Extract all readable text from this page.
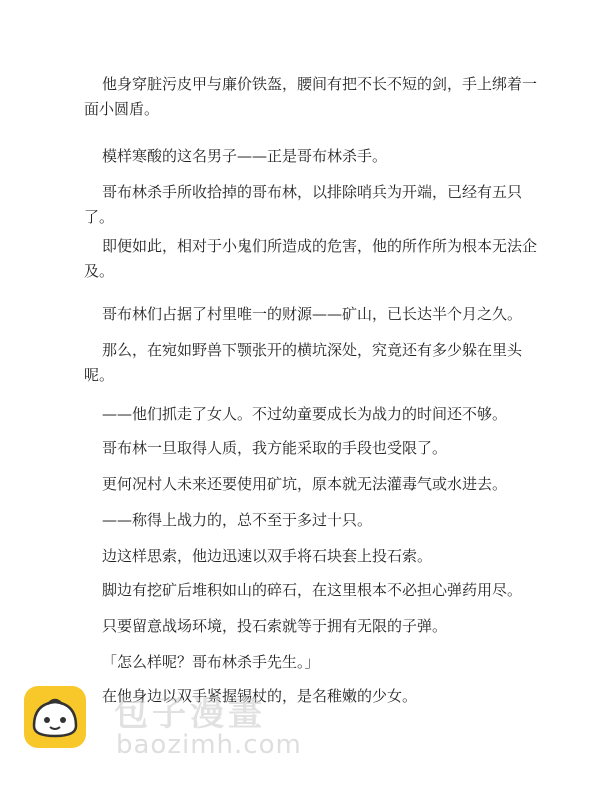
他身穿脏污皮甲与廉价铁盔，腰间有把不长不短的剑，手上绑着一面小圆盾。

模样寒酸的这名男子——正是哥布林杀手。

哥布林杀手所收拾掉的哥布林，以排除哨兵为开端，已经有五只了。

即便如此，相对于小鬼们所造成的危害，他的所作所为根本无法企及。

哥布林们占据了村里唯一的财源——矿山，已长达半个月之久。

那么，在宛如野兽下颚张开的横坑深处，究竟还有多少躲在里头呢。

——他们抓走了女人。不过幼童要成长为战力的时间还不够。

哥布林一旦取得人质，我方能采取的手段也受限了。

更何况村人未来还要使用矿坑，原本就无法灌毒气或水进去。

——称得上战力的，总不至于多过十只。

边这样思索，他边迅速以双手将石块套上投石索。

脚边有挖矿后堆积如山的碎石，在这里根本不必担心弹药用尽。

只要留意战场环境，投石索就等于拥有无限的子弹。

「怎么样呢？哥布林杀手先生。」

在他身边以双手紧握锡杖的，是名稚嫩的少女。

包子漫畫
baozimh.com
